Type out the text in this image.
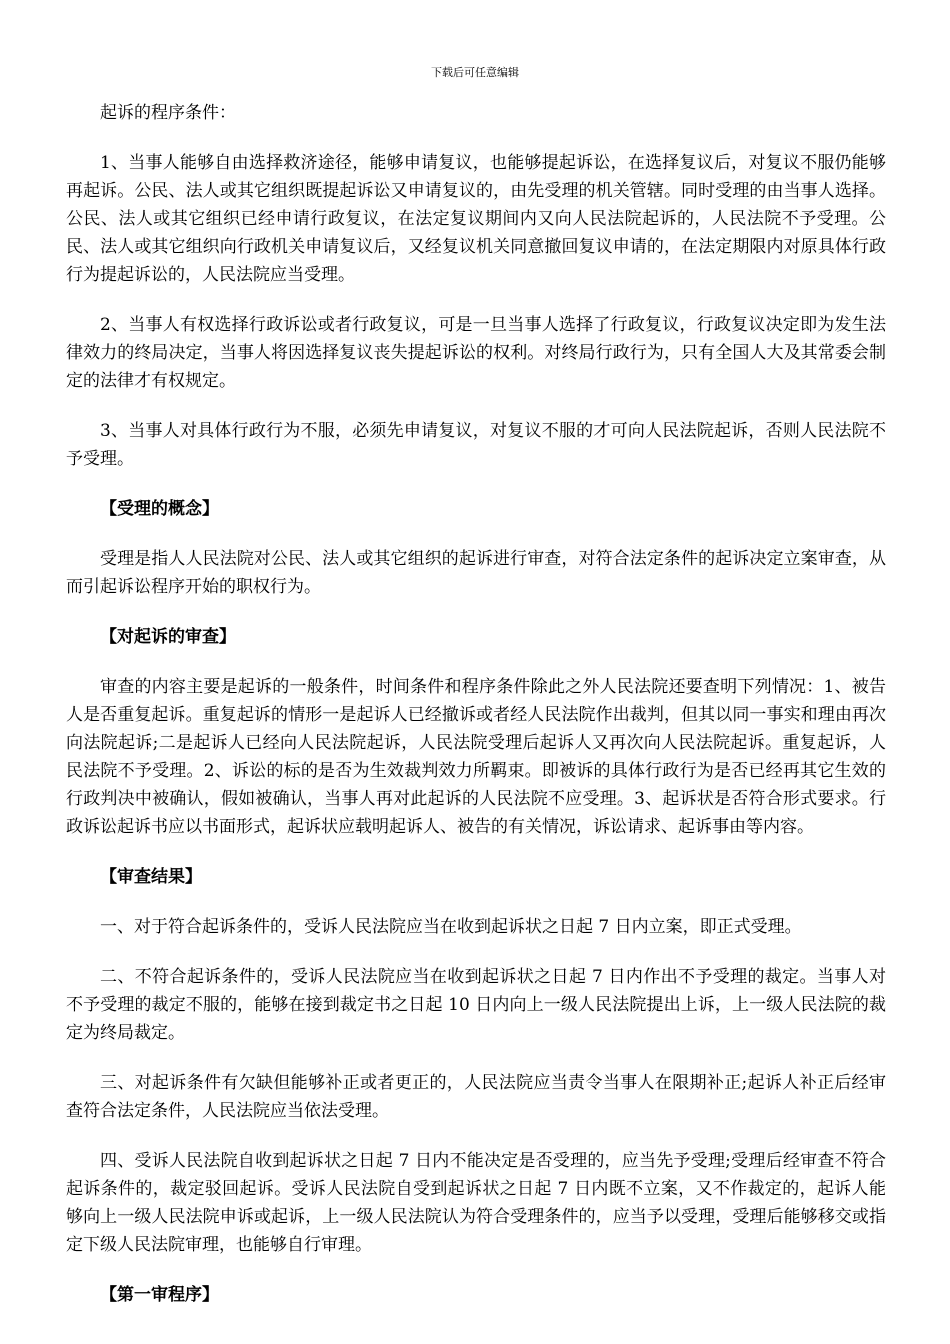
下载后可任意编辑

起诉的程序条件：

1、当事人能够自由选择救济途径，能够申请复议，也能够提起诉讼，在选择复议后，对复议不服仍能够再起诉。公民、法人或其它组织既提起诉讼又申请复议的，由先受理的机关管辖。同时受理的由当事人选择。公民、法人或其它组织已经申请行政复议，在法定复议期间内又向人民法院起诉的，人民法院不予受理。公民、法人或其它组织向行政机关申请复议后，又经复议机关同意撤回复议申请的，在法定期限内对原具体行政行为提起诉讼的，人民法院应当受理。

2、当事人有权选择行政诉讼或者行政复议，可是一旦当事人选择了行政复议，行政复议决定即为发生法律效力的终局决定，当事人将因选择复议丧失提起诉讼的权利。对终局行政行为，只有全国人大及其常委会制定的法律才有权规定。

3、当事人对具体行政行为不服，必须先申请复议，对复议不服的才可向人民法院起诉，否则人民法院不予受理。

【受理的概念】

受理是指人人民法院对公民、法人或其它组织的起诉进行审查，对符合法定条件的起诉决定立案审查，从而引起诉讼程序开始的职权行为。

【对起诉的审查】

审查的内容主要是起诉的一般条件，时间条件和程序条件除此之外人民法院还要查明下列情况：1、被告人是否重复起诉。重复起诉的情形一是起诉人已经撤诉或者经人民法院作出裁判，但其以同一事实和理由再次向法院起诉;二是起诉人已经向人民法院起诉，人民法院受理后起诉人又再次向人民法院起诉。重复起诉，人民法院不予受理。2、诉讼的标的是否为生效裁判效力所羁束。即被诉的具体行政行为是否已经再其它生效的行政判决中被确认，假如被确认，当事人再对此起诉的人民法院不应受理。3、起诉状是否符合形式要求。行政诉讼起诉书应以书面形式，起诉状应载明起诉人、被告的有关情况，诉讼请求、起诉事由等内容。

【审查结果】

一、对于符合起诉条件的，受诉人民法院应当在收到起诉状之日起 7 日内立案，即正式受理。

二、不符合起诉条件的，受诉人民法院应当在收到起诉状之日起 7 日内作出不予受理的裁定。当事人对不予受理的裁定不服的，能够在接到裁定书之日起 10 日内向上一级人民法院提出上诉，上一级人民法院的裁定为终局裁定。

三、对起诉条件有欠缺但能够补正或者更正的，人民法院应当责令当事人在限期补正;起诉人补正后经审查符合法定条件，人民法院应当依法受理。

四、受诉人民法院自收到起诉状之日起 7 日内不能决定是否受理的，应当先予受理;受理后经审查不符合起诉条件的，裁定驳回起诉。受诉人民法院自受到起诉状之日起 7 日内既不立案，又不作裁定的，起诉人能够向上一级人民法院申诉或起诉，上一级人民法院认为符合受理条件的，应当予以受理，受理后能够移交或指定下级人民法院审理，也能够自行审理。

【第一审程序】
